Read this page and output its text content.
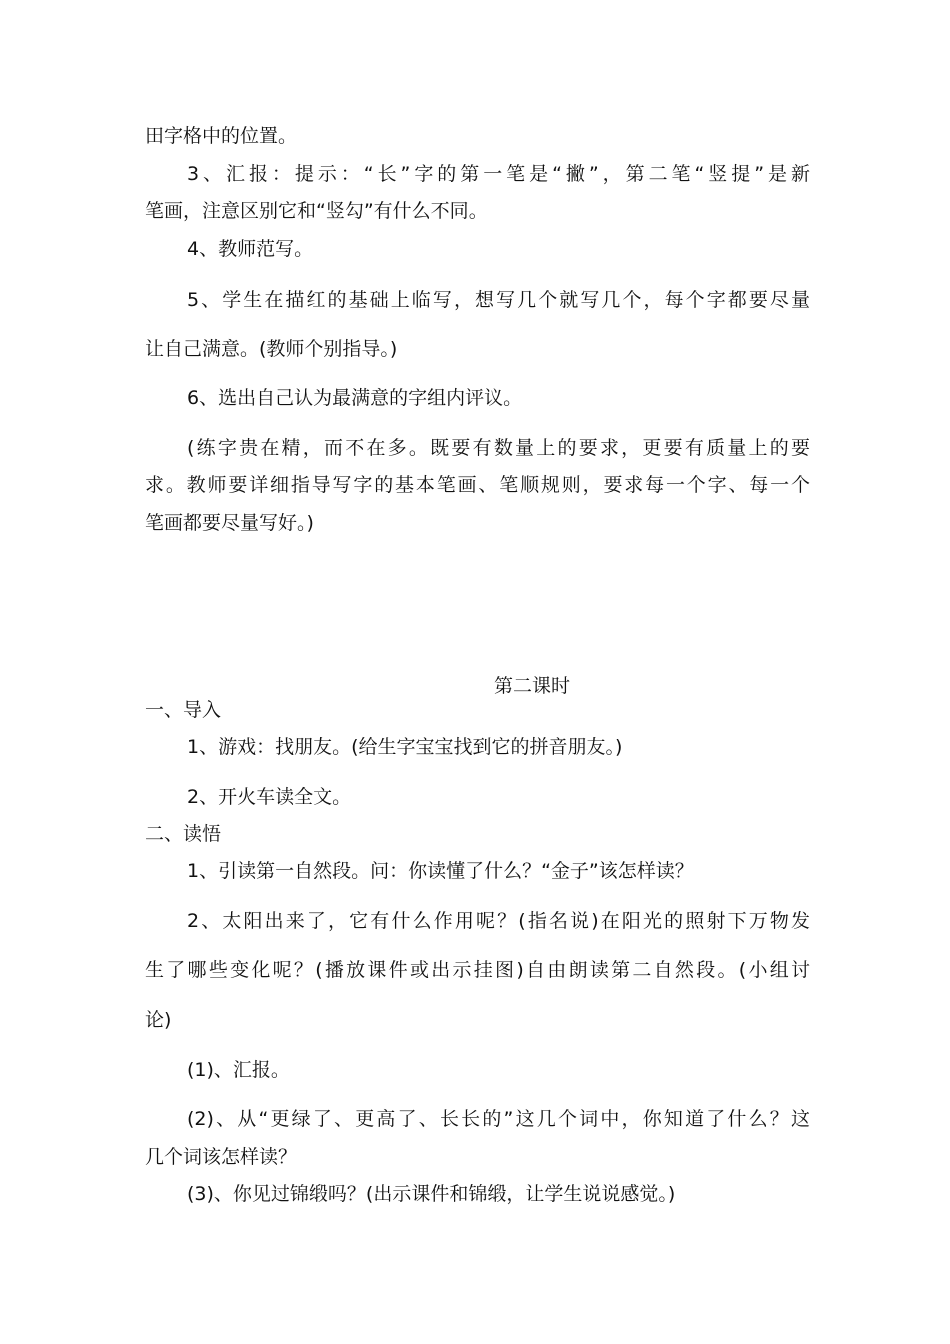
田字格中的位置。
3、汇报：提示：“长”字的第一笔是“撇”，第二笔“竖提”是新
笔画，注意区别它和“竖勾”有什么不同。
4、教师范写。
5、学生在描红的基础上临写，想写几个就写几个，每个字都要尽量
让自己满意。(教师个别指导。)
6、选出自己认为最满意的字组内评议。
(练字贵在精，而不在多。既要有数量上的要求，更要有质量上的要
求。教师要详细指导写字的基本笔画、笔顺规则，要求每一个字、每一个
笔画都要尽量写好。)
第二课时
一、导入
1、游戏：找朋友。(给生字宝宝找到它的拼音朋友。)
2、开火车读全文。
二、读悟
1、引读第一自然段。问：你读懂了什么？“金子”该怎样读？
2、太阳出来了，它有什么作用呢？(指名说)在阳光的照射下万物发
生了哪些变化呢？(播放课件或出示挂图)自由朗读第二自然段。(小组讨
论)
(1)、汇报。
(2)、从“更绿了、更高了、长长的”这几个词中，你知道了什么？这
几个词该怎样读？
(3)、你见过锦缎吗？(出示课件和锦缎，让学生说说感觉。)
